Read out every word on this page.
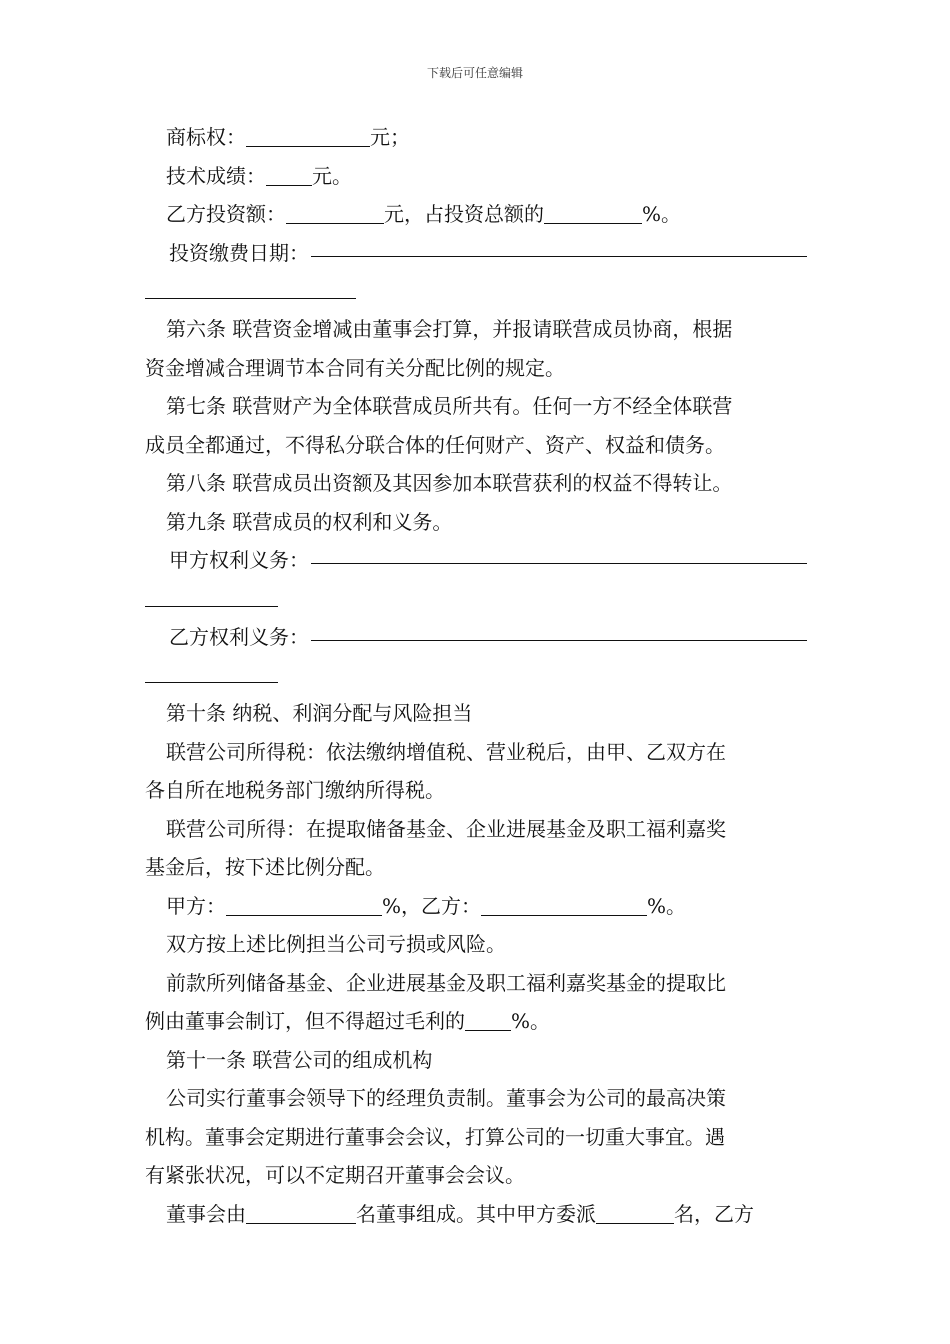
下载后可任意编辑
商标权：	元；
技术成绩： 元。
乙方投资额：	元，占投资总额的	%。
投资缴费日期：
第六条 联营资金增减由董事会打算，并报请联营成员协商，根据
资金增减合理调节本合同有关分配比例的规定。
第七条 联营财产为全体联营成员所共有。任何一方不经全体联营
成员全都通过，不得私分联合体的任何财产、资产、权益和债务。
第八条 联营成员出资额及其因参加本联营获利的权益不得转让。
第九条 联营成员的权利和义务。
甲方权利义务：
乙方权利义务：
第十条 纳税、利润分配与风险担当
联营公司所得税：依法缴纳增值税、营业税后，由甲、乙双方在
各自所在地税务部门缴纳所得税。
联营公司所得：在提取储备基金、企业进展基金及职工福利嘉奖
基金后，按下述比例分配。
甲方：	%，乙方：	%。
双方按上述比例担当公司亏损或风险。
前款所列储备基金、企业进展基金及职工福利嘉奖基金的提取比
例由董事会制订，但不得超过毛利的 %。
第十一条 联营公司的组成机构
公司实行董事会领导下的经理负责制。董事会为公司的最高决策
机构。董事会定期进行董事会会议，打算公司的一切重大事宜。遇
有紧张状况，可以不定期召开董事会会议。
董事会由	名董事组成。其中甲方委派	名，乙方
